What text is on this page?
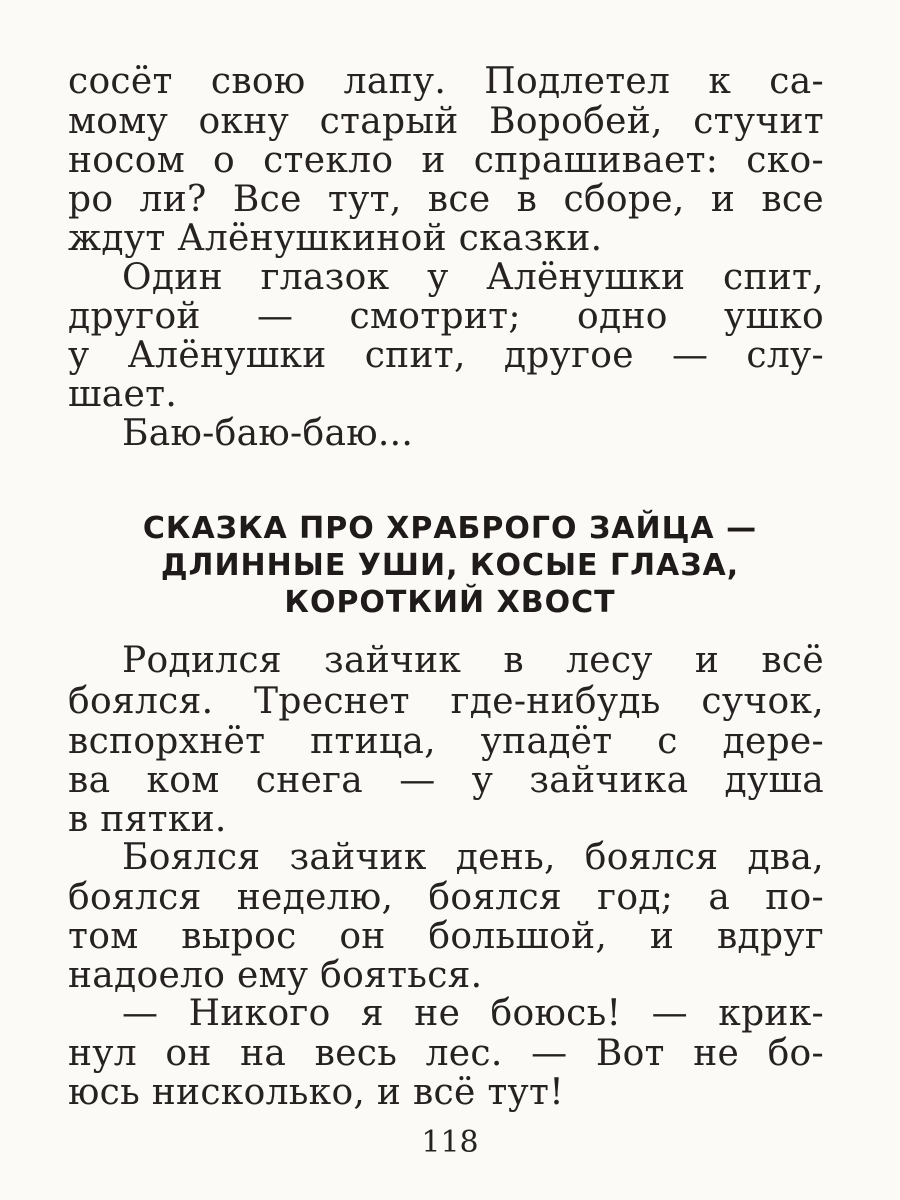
сосёт свою лапу. Подлетел к са-
мому окну старый Воробей, стучит
носом о стекло и спрашивает: ско-
ро ли? Все тут, все в сборе, и все
ждут Алёнушкиной сказки.
Один глазок у Алёнушки спит,
другой — смотрит; одно ушко
у Алёнушки спит, другое — слу-
шает.
Баю-баю-баю...
СКАЗКА ПРО ХРАБРОГО ЗАЙЦА —
ДЛИННЫЕ УШИ, КОСЫЕ ГЛАЗА,
КОРОТКИЙ ХВОСТ
Родился зайчик в лесу и всё
боялся. Треснет где-нибудь сучок,
вспорхнёт птица, упадёт с дере-
ва ком снега — у зайчика душа
в пятки.
Боялся зайчик день, боялся два,
боялся неделю, боялся год; а по-
том вырос он большой, и вдруг
надоело ему бояться.
— Никого я не боюсь! — крик-
нул он на весь лес. — Вот не бо-
юсь нисколько, и всё тут!
118
